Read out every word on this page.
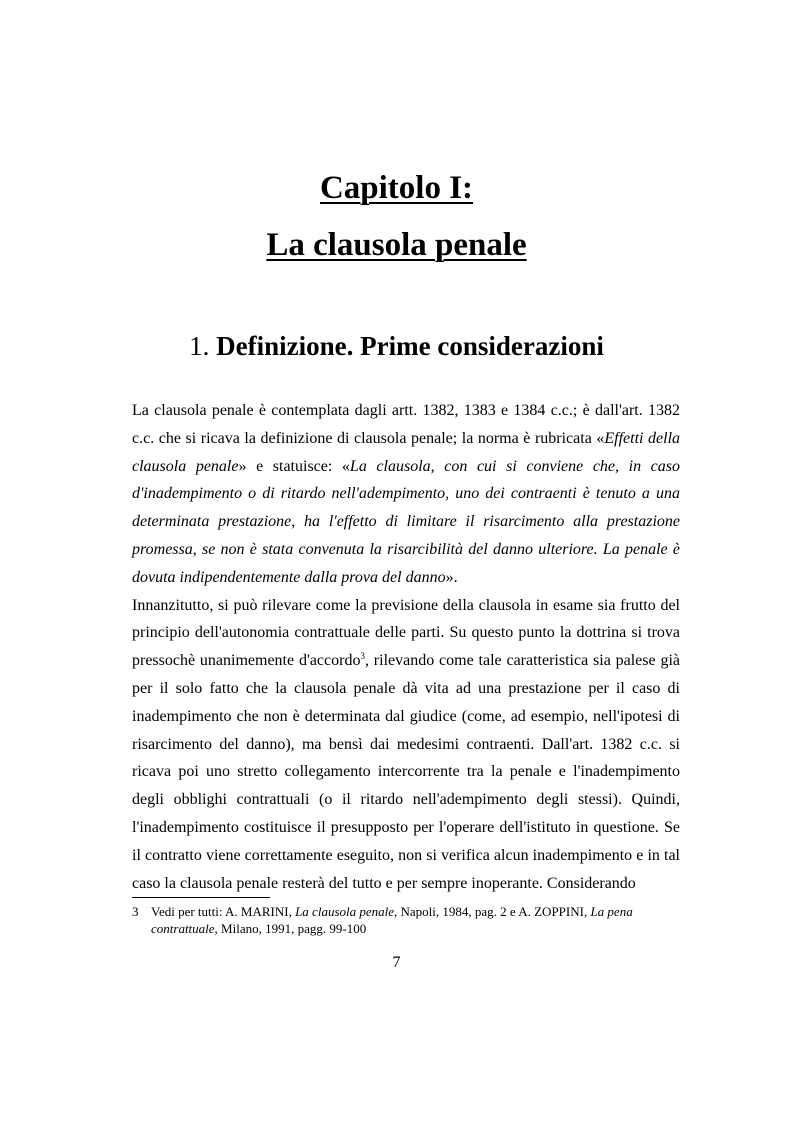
Capitolo I:
La clausola penale
1. Definizione. Prime considerazioni

La clausola penale è contemplata dagli artt. 1382, 1383 e 1384 c.c.; è dall'art. 1382 c.c. che si ricava la definizione di clausola penale; la norma è rubricata «Effetti della clausola penale» e statuisce: «La clausola, con cui si conviene che, in caso d'inadempimento o di ritardo nell'adempimento, uno dei contraenti è tenuto a una determinata prestazione, ha l'effetto di limitare il risarcimento alla prestazione promessa, se non è stata convenuta la risarcibilità del danno ulteriore. La penale è dovuta indipendentemente dalla prova del danno».

Innanzitutto, si può rilevare come la previsione della clausola in esame sia frutto del principio dell'autonomia contrattuale delle parti. Su questo punto la dottrina si trova pressochè unanimemente d'accordo$^3$, rilevando come tale caratteristica sia palese già per il solo fatto che la clausola penale dà vita ad una prestazione per il caso di inadempimento che non è determinata dal giudice (come, ad esempio, nell'ipotesi di risarcimento del danno), ma bensì dai medesimi contraenti. Dall'art. 1382 c.c. si ricava poi uno stretto collegamento intercorrente tra la penale e l'inadempimento degli obblighi contrattuali (o il ritardo nell'adempimento degli stessi). Quindi, l'inadempimento costituisce il presupposto per l'operare dell'istituto in questione. Se il contratto viene correttamente eseguito, non si verifica alcun inadempimento e in tal caso la clausola penale resterà del tutto e per sempre inoperante. Considerando

3 Vedi per tutti: A. MARINI, La clausola penale, Napoli, 1984, pag. 2 e A. ZOPPINI, La pena contrattuale, Milano, 1991, pagg. 99-100
7
